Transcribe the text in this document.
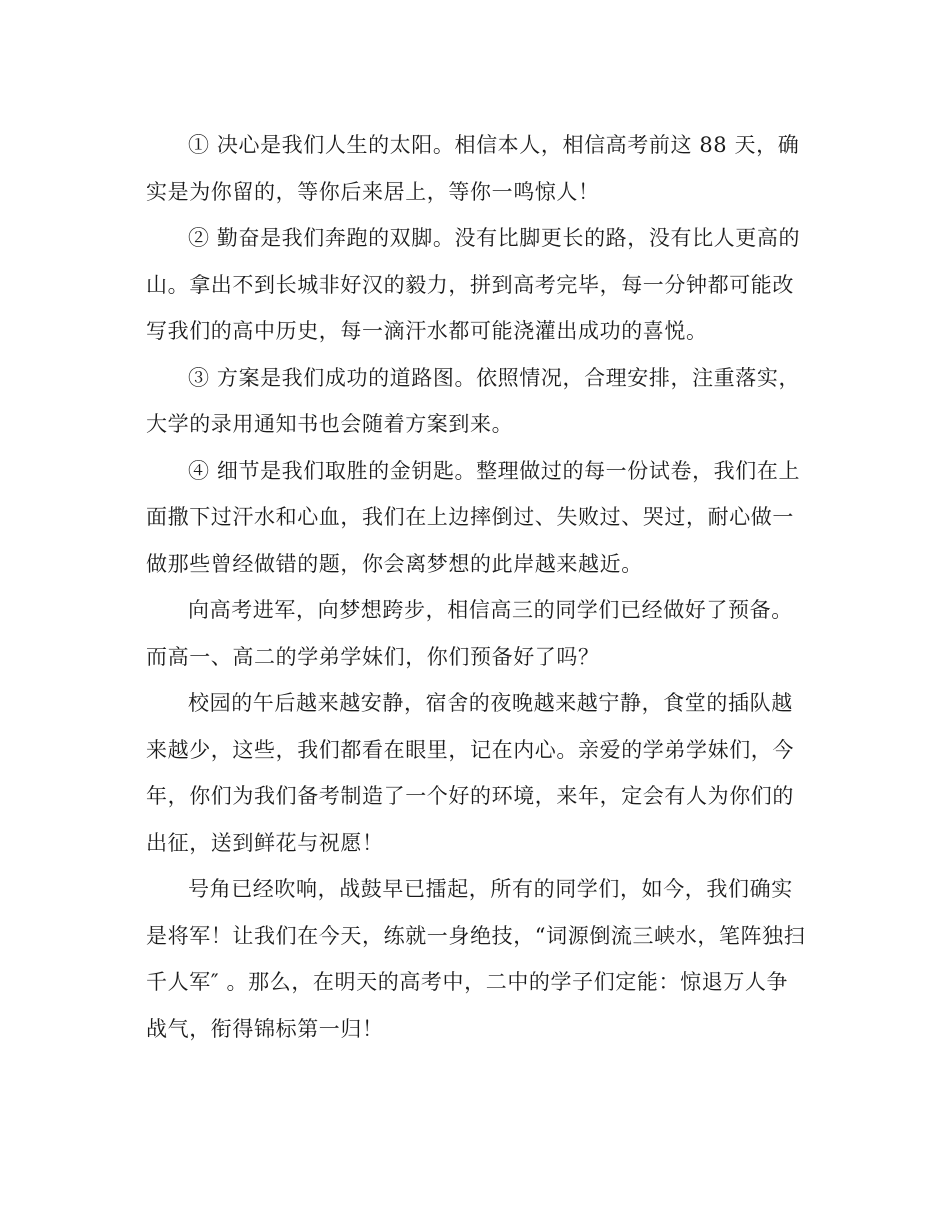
① 决心是我们人生的太阳。相信本人，相信高考前这 88 天，确
实是为你留的，等你后来居上，等你一鸣惊人！

② 勤奋是我们奔跑的双脚。没有比脚更长的路，没有比人更高的
山。拿出不到长城非好汉的毅力，拼到高考完毕，每一分钟都可能改
写我们的高中历史，每一滴汗水都可能浇灌出成功的喜悦。

③ 方案是我们成功的道路图。依照情况，合理安排，注重落实，
大学的录用通知书也会随着方案到来。

④ 细节是我们取胜的金钥匙。整理做过的每一份试卷，我们在上
面撒下过汗水和心血，我们在上边摔倒过、失败过、哭过，耐心做一
做那些曾经做错的题，你会离梦想的此岸越来越近。

向高考进军，向梦想跨步，相信高三的同学们已经做好了预备。
而高一、高二的学弟学妹们，你们预备好了吗？

校园的午后越来越安静，宿舍的夜晚越来越宁静，食堂的插队越
来越少，这些，我们都看在眼里，记在内心。亲爱的学弟学妹们，今
年，你们为我们备考制造了一个好的环境，来年，定会有人为你们的
出征，送到鲜花与祝愿！

号角已经吹响，战鼓早已擂起，所有的同学们，如今，我们确实
是将军！让我们在今天，练就一身绝技，“词源倒流三峡水，笔阵独扫
千人军″ 。那么，在明天的高考中，二中的学子们定能：惊退万人争
战气，衔得锦标第一归！
